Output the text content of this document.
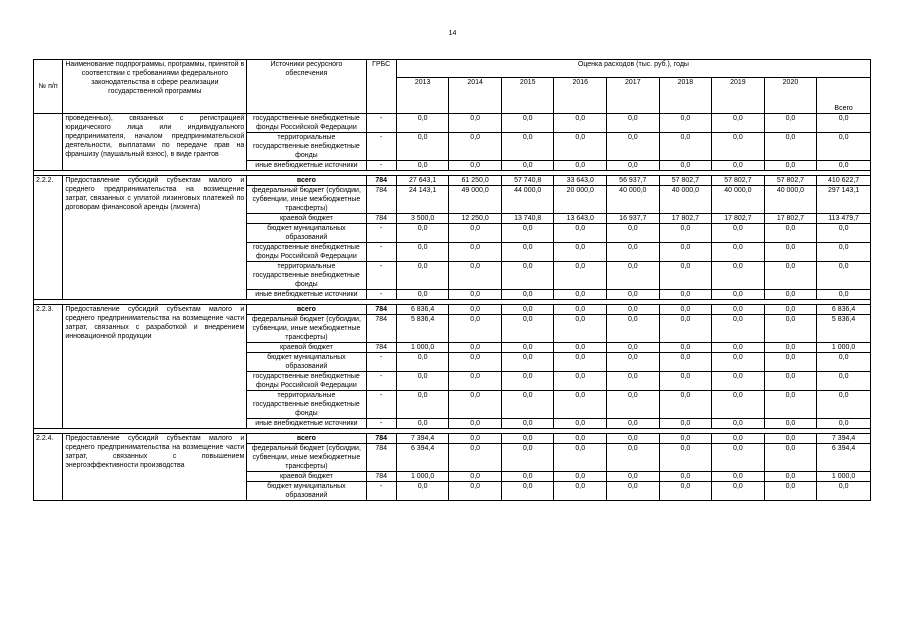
14
№ п/п	Наименование подпрограммы, программы, принятой в соответствии с требованиями федерального законодательства в сфере реализации государственной программы	Источники ресурсного обеспечения	ГРБС	Оценка расходов (тыс. руб.), годы								
				2013	2014	2015	2016	2017	2018	2019	2020	Всего
	проведенных), связанных с регистрацией юридического лица или индивидуального предпринимателя, началом предпринимательской деятельности, выплатами по передаче прав на франшизу (паушальный взнос), в виде грантов	государственные внебюджетные фонды Российской Федерации	-	0,0	0,0	0,0	0,0	0,0	0,0	0,0	0,0	0,0
		территориальные государственные внебюджетные фонды	-	0,0	0,0	0,0	0,0	0,0	0,0	0,0	0,0	0,0
		иные внебюджетные источники	-	0,0	0,0	0,0	0,0	0,0	0,0	0,0	0,0	0,0

2.2.2.	Предоставление субсидий субъектам малого и среднего предпринимательства на возмещение затрат, связанных с уплатой лизинговых платежей по договорам финансовой аренды (лизинга)	всего	784	27 643,1	61 250,0	57 740,8	33 643,0	56 937,7	57 802,7	57 802,7	57 802,7	410 622,7
		федеральный бюджет (субсидии, субвенции, иные межбюджетные трансферты)	784	24 143,1	49 000,0	44 000,0	20 000,0	40 000,0	40 000,0	40 000,0	40 000,0	297 143,1
		краевой бюджет	784	3 500,0	12 250,0	13 740,8	13 643,0	16 937,7	17 802,7	17 802,7	17 802,7	113 479,7
		бюджет муниципальных образований	-	0,0	0,0	0,0	0,0	0,0	0,0	0,0	0,0	0,0
		государственные внебюджетные фонды Российской Федерации	-	0,0	0,0	0,0	0,0	0,0	0,0	0,0	0,0	0,0
		территориальные государственные внебюджетные фонды	-	0,0	0,0	0,0	0,0	0,0	0,0	0,0	0,0	0,0
		иные внебюджетные источники	-	0,0	0,0	0,0	0,0	0,0	0,0	0,0	0,0	0,0

2.2.3.	Предоставление субсидий субъектам малого и среднего предпринимательства на возмещение части затрат, связанных с разработкой и внедрением инновационной продукции	всего	784	6 836,4	0,0	0,0	0,0	0,0	0,0	0,0	0,0	6 836,4
		федеральный бюджет (субсидии, субвенции, иные межбюджетные трансферты)	784	5 836,4	0,0	0,0	0,0	0,0	0,0	0,0	0,0	5 836,4
		краевой бюджет	784	1 000,0	0,0	0,0	0,0	0,0	0,0	0,0	0,0	1 000,0
		бюджет муниципальных образований	-	0,0	0,0	0,0	0,0	0,0	0,0	0,0	0,0	0,0
		государственные внебюджетные фонды Российской Федерации	-	0,0	0,0	0,0	0,0	0,0	0,0	0,0	0,0	0,0
		территориальные государственные внебюджетные фонды	-	0,0	0,0	0,0	0,0	0,0	0,0	0,0	0,0	0,0
		иные внебюджетные источники	-	0,0	0,0	0,0	0,0	0,0	0,0	0,0	0,0	0,0

2.2.4.	Предоставление субсидий субъектам малого и среднего предпринимательства на возмещение части затрат, связанных с повышением энергоэффективности производства	всего	784	7 394,4	0,0	0,0	0,0	0,0	0,0	0,0	0,0	7 394,4
		федеральный бюджет (субсидии, субвенции, иные межбюджетные трансферты)	784	6 394,4	0,0	0,0	0,0	0,0	0,0	0,0	0,0	6 394,4
		краевой бюджет	784	1 000,0	0,0	0,0	0,0	0,0	0,0	0,0	0,0	1 000,0
		бюджет муниципальных образований	-	0,0	0,0	0,0	0,0	0,0	0,0	0,0	0,0	0,0
